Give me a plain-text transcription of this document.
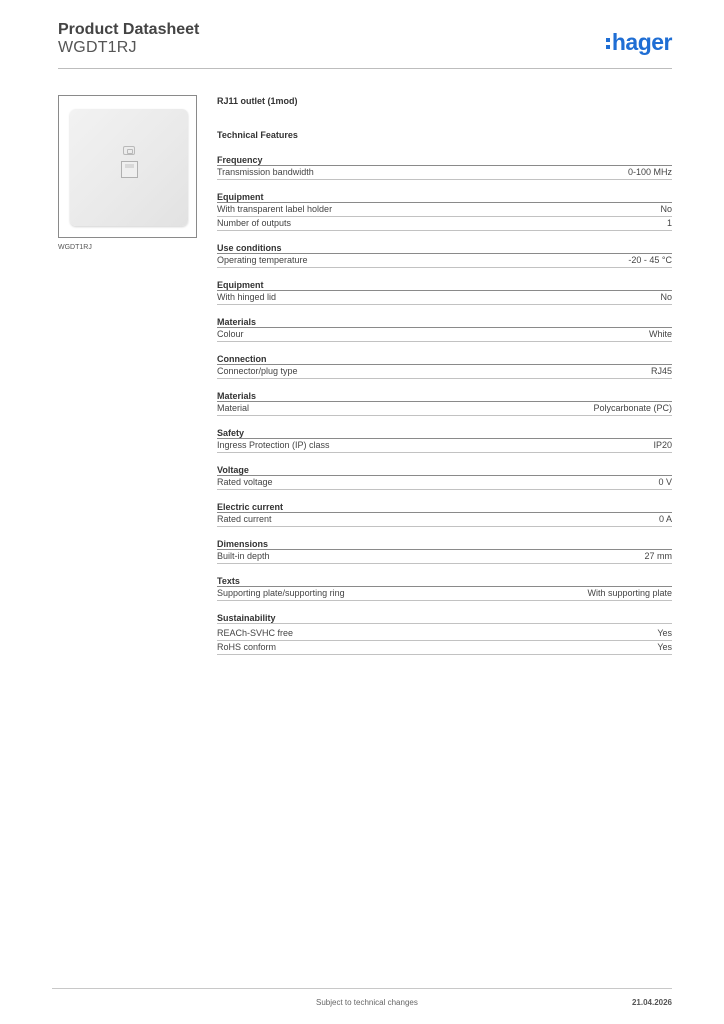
Product Datasheet
WGDT1RJ	hager
WGDT1RJ
RJ11 outlet (1mod)
Technical Features
Frequency
Transmission bandwidth	0-100 MHz
Equipment
With transparent label holder	No
Number of outputs	1
Use conditions
Operating temperature	-20 - 45 °C
Equipment
With hinged lid	No
Materials
Colour	White
Connection
Connector/plug type	RJ45
Materials
Material	Polycarbonate (PC)
Safety
Ingress Protection (IP) class	IP20
Voltage
Rated voltage	0 V
Electric current
Rated current	0 A
Dimensions
Built-in depth	27 mm
Texts
Supporting plate/supporting ring	With supporting plate
Sustainability
REACh-SVHC free	Yes
RoHS conform	Yes
Subject to technical changes	21.04.2026
